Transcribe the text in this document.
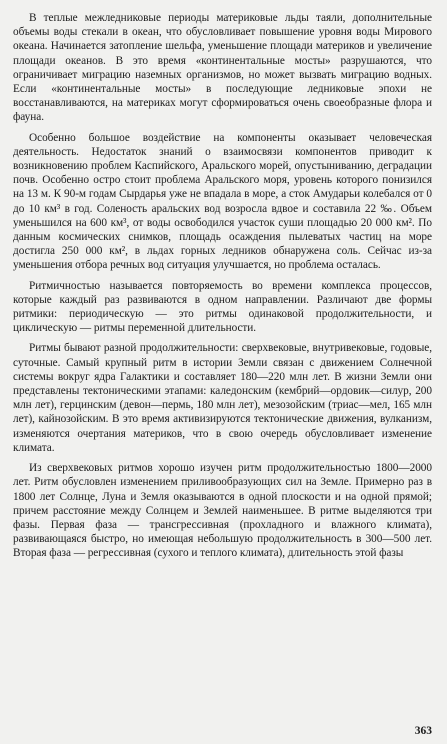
В теплые межледниковые периоды материковые льды таяли, дополнительные объемы воды стекали в океан, что обусловливает повышение уровня воды Мирового океана. Начинается затопление шельфа, уменьшение площади материков и увеличение площади океанов. В это время «континентальные мосты» разрушаются, что ограничивает миграцию наземных организмов, но может вызвать миграцию водных. Если «континентальные мосты» в последующие ледниковые эпохи не восстанавливаются, на материках могут сформироваться очень своеобразные флора и фауна.

Особенно большое воздействие на компоненты оказывает человеческая деятельность. Недостаток знаний о взаимосвязи компонентов приводит к возникновению проблем Каспийского, Аральского морей, опустыниванию, деградации почв. Особенно остро стоит проблема Аральского моря, уровень которого понизился на 13 м. К 90-м годам Сырдарья уже не впадала в море, а сток Амударьи колебался от 0 до 10 км³ в год. Соленость аральских вод возросла вдвое и составила 22 ‰. Объем уменьшился на 600 км³, от воды освободился участок суши площадью 20 000 км². По данным космических снимков, площадь осаждения пылеватых частиц на море достигла 250 000 км², в льдах горных ледников обнаружена соль. Сейчас из-за уменьшения отбора речных вод ситуация улучшается, но проблема осталась.

Ритмичностью называется повторяемость во времени комплекса процессов, которые каждый раз развиваются в одном направлении. Различают две формы ритмики: периодическую — это ритмы одинаковой продолжительности, и циклическую — ритмы переменной длительности.

Ритмы бывают разной продолжительности: сверхвековые, внутривековые, годовые, суточные. Самый крупный ритм в истории Земли связан с движением Солнечной системы вокруг ядра Галактики и составляет 180—220 млн лет. В жизни Земли они представлены тектоническими этапами: каледонским (кембрий—ордовик—силур, 200 млн лет), герцинским (девон—пермь, 180 млн лет), мезозойским (триас—мел, 165 млн лет), кайнозойским. В это время активизируются тектонические движения, вулканизм, изменяются очертания материков, что в свою очередь обусловливает изменение климата.

Из сверхвековых ритмов хорошо изучен ритм продолжительностью 1800—2000 лет. Ритм обусловлен изменением приливообразующих сил на Земле. Примерно раз в 1800 лет Солнце, Луна и Земля оказываются в одной плоскости и на одной прямой; причем расстояние между Солнцем и Землей наименьшее. В ритме выделяются три фазы. Первая фаза — трансгрессивная (прохладного и влажного климата), развивающаяся быстро, но имеющая небольшую продолжительность в 300—500 лет. Вторая фаза — регрессивная (сухого и теплого климата), длительность этой фазы

363
